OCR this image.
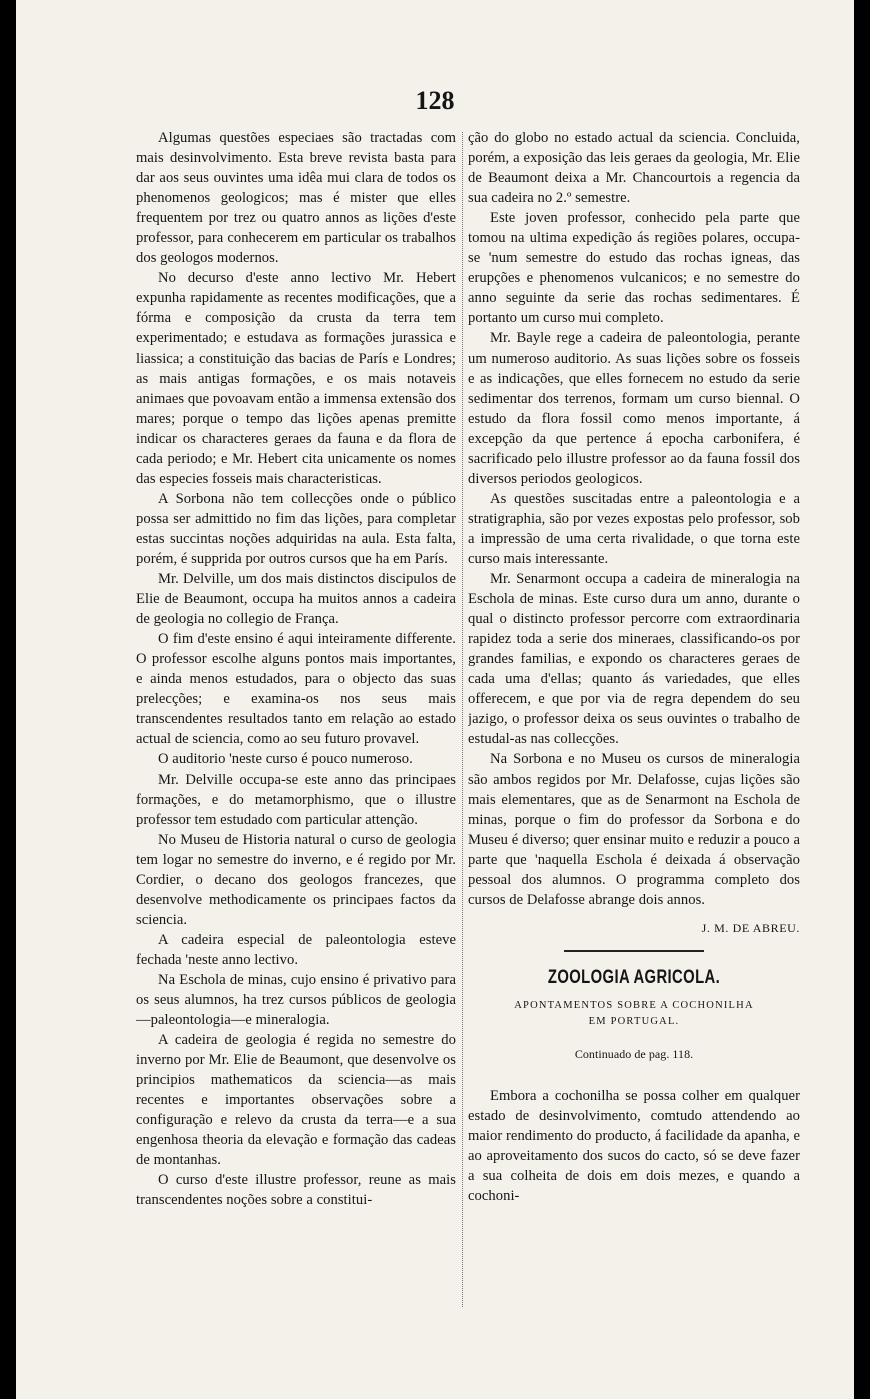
128

Algumas questões especiaes são tractadas com mais desinvolvimento. Esta breve revista basta para dar aos seus ouvintes uma idêa mui clara de todos os phenomenos geologicos; mas é mister que elles frequentem por trez ou quatro annos as lições d'este professor, para conhecerem em particular os trabalhos dos geologos modernos.

No decurso d'este anno lectivo Mr. Hebert expunha rapidamente as recentes modificações, que a fórma e composição da crusta da terra tem experimentado; e estudava as formações jurassica e liassica; a constituição das bacias de París e Londres; as mais antigas formações, e os mais notaveis animaes que povoavam então a immensa extensão dos mares; porque o tempo das lições apenas premitte indicar os characteres geraes da fauna e da flora de cada periodo; e Mr. Hebert cita unicamente os nomes das especies fosseis mais characteristicas.

A Sorbona não tem collecções onde o público possa ser admittido no fim das lições, para completar estas succintas noções adquiridas na aula. Esta falta, porém, é suppridа por outros cursos que ha em París.

Mr. Delville, um dos mais distinctos discipulos de Elie de Beaumont, occupa ha muitos annos a cadeira de geologia no collegio de França.

O fim d'este ensino é aqui inteiramente differente. O professor escolhe alguns pontos mais importantes, e ainda menos estudados, para o objecto das suas prelecções; e examina-os nos seus mais transcendentes resultados tanto em relação ao estado actual de sciencia, como ao seu futuro provavel.

O auditorio 'neste curso é pouco numeroso.

Mr. Delville occupa-se este anno das principaes formações, e do metamorphismo, que o illustre professor tem estudado com particular attenção.

No Museu de Historia natural o curso de geologia tem logar no semestre do inverno, e é regido por Mr. Cordier, o decano dos geologos francezes, que desenvolve methodicamente os principaes factos da sciencia.

A cadeira especial de paleontologia esteve fechada 'neste anno lectivo.

Na Eschola de minas, cujo ensino é privativo para os seus alumnos, ha trez cursos públicos de geologia—paleontologia—e mineralogia.

A cadeira de geologia é regida no semestre do inverno por Mr. Elie de Beaumont, que desenvolve os principios mathematicos da sciencia—as mais recentes e importantes observações sobre a configuração e relevo da crusta da terra—e a sua engenhosa theoria da elevação e formação das cadeas de montanhas.

O curso d'este illustre professor, reune as mais transcendentes noções sobre a constitui-

ção do globo no estado actual da sciencia. Concluida, porém, a exposição das leis geraes da geologia, Mr. Elie de Beaumont deixa a Mr. Chancourtois a regencia da sua cadeira no 2.º semestre.

Este joven professor, conhecido pela parte que tomou na ultima expedição ás regiões polares, occupa-se 'num semestre do estudo das rochas igneas, das erupções e phenomenos vulcanicos; e no semestre do anno seguinte da serie das rochas sedimentares. É portanto um curso mui completo.

Mr. Bayle rege a cadeira de paleontologia, perante um numeroso auditorio. As suas lições sobre os fosseis e as indicações, que elles fornecem no estudo da serie sedimentar dos terrenos, formam um curso biennal. O estudo da flora fossil como menos importante, á excepção da que pertence á epocha carbonifera, é sacrificado pelo illustre professor ao da fauna fossil dos diversos periodos geologicos.

As questões suscitadas entre a paleontologia e a stratigraphia, são por vezes expostas pelo professor, sob a impressão de uma certa rivalidade, o que torna este curso mais interessante.

Mr. Senarmont occupa a cadeira de mineralogia na Eschola de minas. Este curso dura um anno, durante o qual o distincto professor percorre com extraordinaria rapidez toda a serie dos mineraes, classificando-os por grandes familias, e expondo os characteres geraes de cada uma d'ellas; quanto ás variedades, que elles offerecem, e que por via de regra dependem do seu jazigo, o professor deixa os seus ouvintes o trabalho de estudal-as nas collecções.

Na Sorbona e no Museu os cursos de mineralogia são ambos regidos por Mr. Delafosse, cujas lições são mais elementares, que as de Senarmont na Eschola de minas, porque o fim do professor da Sorbona e do Museu é diverso; quer ensinar muito e reduzir a pouco a parte que 'naquella Eschola é deixada á observação pessoal dos alumnos. O programma completo dos cursos de Delafosse abrange dois annos.

J. M. DE ABREU.
ZOOLOGIA AGRICOLA.
APONTAMENTOS SOBRE A COCHONILHA
EM PORTUGAL.
Continuado de pag. 118.

Embora a cochonilha se possa colher em qualquer estado de desinvolvimento, comtudo attendendo ao maior rendimento do producto, á facilidade da apanha, e ao aproveitamento dos sucos do cacto, só se deve fazer a sua colheita de dois em dois mezes, e quando a cochoni-
